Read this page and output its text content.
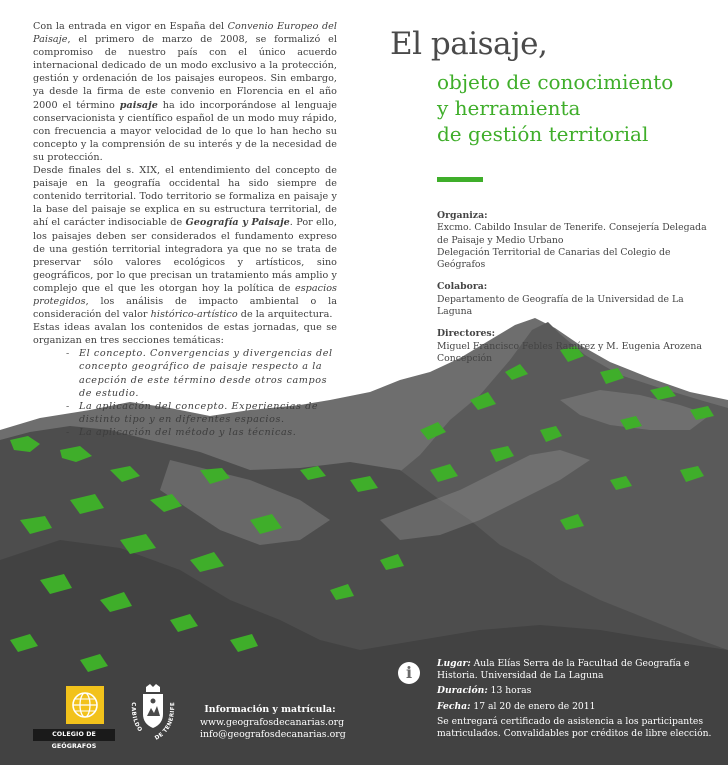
Con la entrada en vigor en España del Convenio Europeo del Paisaje, el primero de marzo de 2008, se formalizó el compromiso de nuestro país con el único acuerdo internacional dedicado de un modo exclusivo a la protección, gestión y ordenación de los paisajes europeos. Sin embargo, ya desde la firma de este convenio en Florencia en el año 2000 el término paisaje ha ido incorporándose al lenguaje conservacionista y científico español de un modo muy rápido, con frecuencia a mayor velocidad de lo que lo han hecho su concepto y la comprensión de su interés y de la necesidad de su protección.

Desde finales del s. XIX, el entendimiento del concepto de paisaje en la geografía occidental ha sido siempre de contenido territorial. Todo territorio se formaliza en paisaje y la base del paisaje se explica en su estructura territorial, de ahí el carácter indisociable de Geografía y Paisaje. Por ello, los paisajes deben ser considerados el fundamento expreso de una gestión territorial integradora ya que no se trata de preservar sólo valores ecológicos y artísticos, sino geográficos, por lo que precisan un tratamiento más amplio y complejo que el que les otorgan hoy la política de espacios protegidos, los análisis de impacto ambiental o la consideración del valor histórico-artístico de la arquitectura.

Estas ideas avalan los contenidos de estas jornadas, que se organizan en tres secciones temáticas:

- El concepto. Convergencias y divergencias del concepto geográfico de paisaje respecto a la acepción de este término desde otros campos de estudio.
- La aplicación del concepto. Experiencias de distinto tipo y en diferentes espacios.
- La aplicación del método y las técnicas.
El paisaje,
objeto de conocimiento
y herramienta
de gestión territorial
Organiza:
Excmo. Cabildo Insular de Tenerife. Consejería Delegada de Paisaje y Medio Urbano
Delegación Territorial de Canarias del Colegio de Geógrafos
Colabora:
Departamento de Geografía de la Universidad de La Laguna
Directores:
Miguel Francisco Febles Ramírez y M. Eugenia Arozena Concepción
i	Lugar: Aula Elías Serra de la Facultad de Geografía e Historia. Universidad de La Laguna

Duración: 13 horas

Fecha: 17 al 20 de enero de 2011

Se entregará certificado de asistencia a los participantes matriculados. Convalidables por créditos de libre elección.

Información y matrícula:
www.geografosdecanarias.org
info@geografosdecanarias.org
COLEGIO DE GEÓGRAFOS
CABILDO
DE TENERIFE
